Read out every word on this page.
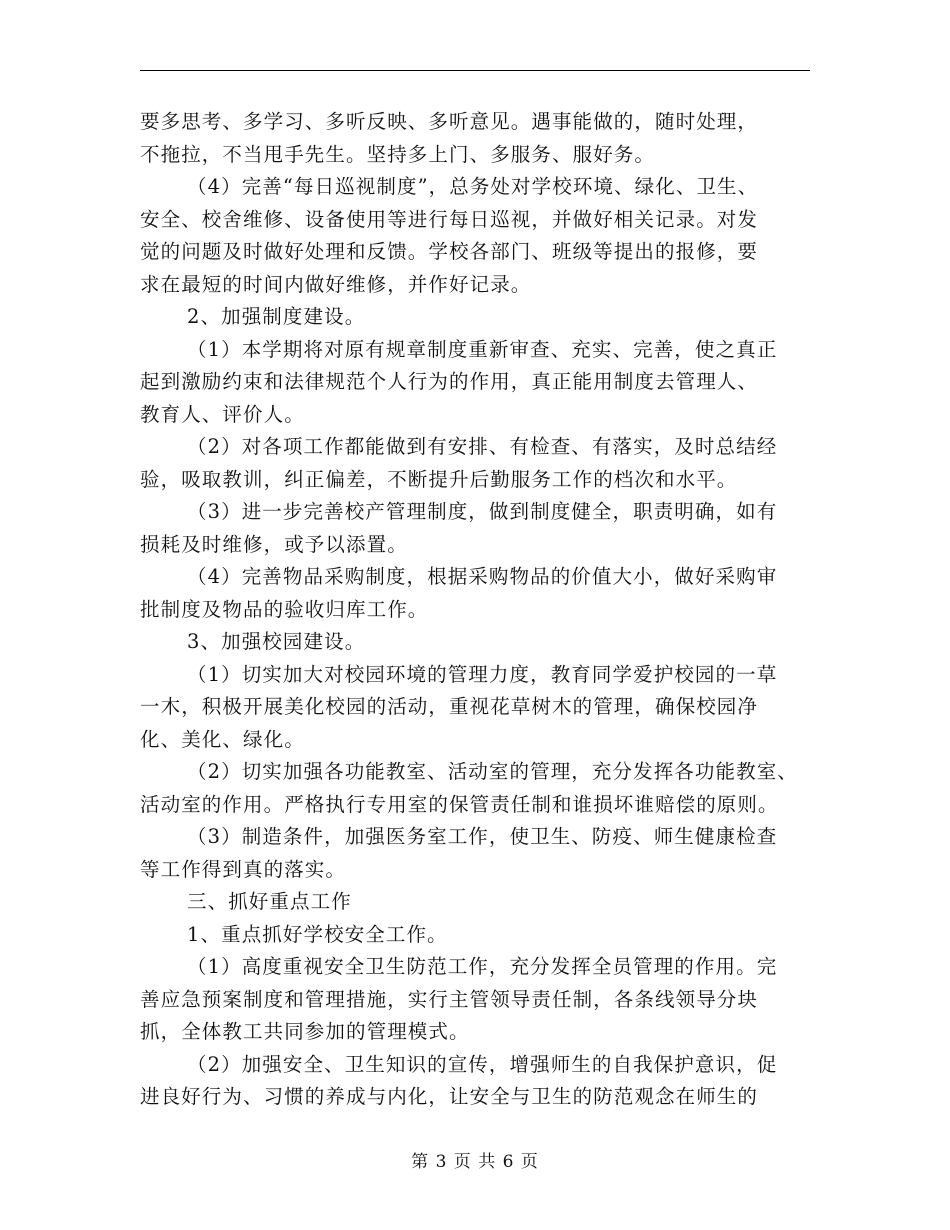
要多思考、多学习、多听反映、多听意见。遇事能做的，随时处理，
不拖拉，不当甩手先生。坚持多上门、多服务、服好务。
（4）完善“每日巡视制度”，总务处对学校环境、绿化、卫生、
安全、校舍维修、设备使用等进行每日巡视，并做好相关记录。对发
觉的问题及时做好处理和反馈。学校各部门、班级等提出的报修，要
求在最短的时间内做好维修，并作好记录。
2、加强制度建设。
（1）本学期将对原有规章制度重新审查、充实、完善，使之真正
起到激励约束和法律规范个人行为的作用，真正能用制度去管理人、
教育人、评价人。
（2）对各项工作都能做到有安排、有检查、有落实，及时总结经
验，吸取教训，纠正偏差，不断提升后勤服务工作的档次和水平。
（3）进一步完善校产管理制度，做到制度健全，职责明确，如有
损耗及时维修，或予以添置。
（4）完善物品采购制度，根据采购物品的价值大小，做好采购审
批制度及物品的验收归库工作。
3、加强校园建设。
（1）切实加大对校园环境的管理力度，教育同学爱护校园的一草
一木，积极开展美化校园的活动，重视花草树木的管理，确保校园净
化、美化、绿化。
（2）切实加强各功能教室、活动室的管理，充分发挥各功能教室、
活动室的作用。严格执行专用室的保管责任制和谁损坏谁赔偿的原则。
（3）制造条件，加强医务室工作，使卫生、防疫、师生健康检查
等工作得到真的落实。
三、抓好重点工作
1、重点抓好学校安全工作。
（1）高度重视安全卫生防范工作，充分发挥全员管理的作用。完
善应急预案制度和管理措施，实行主管领导责任制，各条线领导分块
抓，全体教工共同参加的管理模式。
（2）加强安全、卫生知识的宣传，增强师生的自我保护意识，促
进良好行为、习惯的养成与内化，让安全与卫生的防范观念在师生的
第 3 页 共 6 页
